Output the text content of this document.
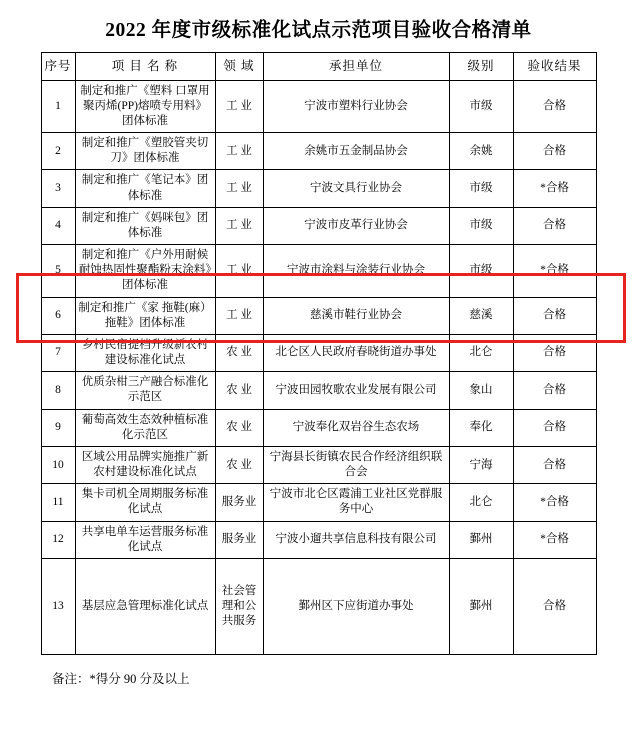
2022 年度市级标准化试点示范项目验收合格清单
序号	项 目 名 称	领 域	承担单位	级别	验收结果
1	制定和推广《塑料 口罩用聚丙烯(PP)熔喷专用料》团体标准	工 业	宁波市塑料行业协会	市级	合格
2	制定和推广《塑胶管夹切刀》团体标准	工 业	余姚市五金制品协会	余姚	合格
3	制定和推广《笔记本》团体标准	工 业	宁波文具行业协会	市级	*合格
4	制定和推广《妈咪包》团体标准	工 业	宁波市皮革行业协会	市级	合格
5	制定和推广《户外用耐候耐蚀热固性聚酯粉末涂料》团体标准	工 业	宁波市涂料与涂装行业协会	市级	*合格
6	制定和推广《家 拖鞋(麻）拖鞋》团体标准	工 业	慈溪市鞋行业协会	慈溪	合格
7	乡村民宿提档升级新农村建设标准化试点	农 业	北仑区人民政府春晓街道办事处	北仑	合格
8	优质杂柑三产融合标准化示范区	农 业	宁波田园牧歌农业发展有限公司	象山	合格
9	葡萄高效生态效种植标准化示范区	农 业	宁波奉化双岩谷生态农场	奉化	合格
10	区域公用品牌实施推广新农村建设标准化试点	农 业	宁海县长街镇农民合作经济组织联合会	宁海	合格
11	集卡司机全周期服务标准化试点	服务业	宁波市北仑区霞浦工业社区党群服务中心	北仑	*合格
12	共享电单车运营服务标准化试点	服务业	宁波小遛共享信息科技有限公司	鄞州	*合格
13	基层应急管理标准化试点	社会管理和公共服务	鄞州区下应街道办事处	鄞州	合格
备注：*得分 90 分及以上
